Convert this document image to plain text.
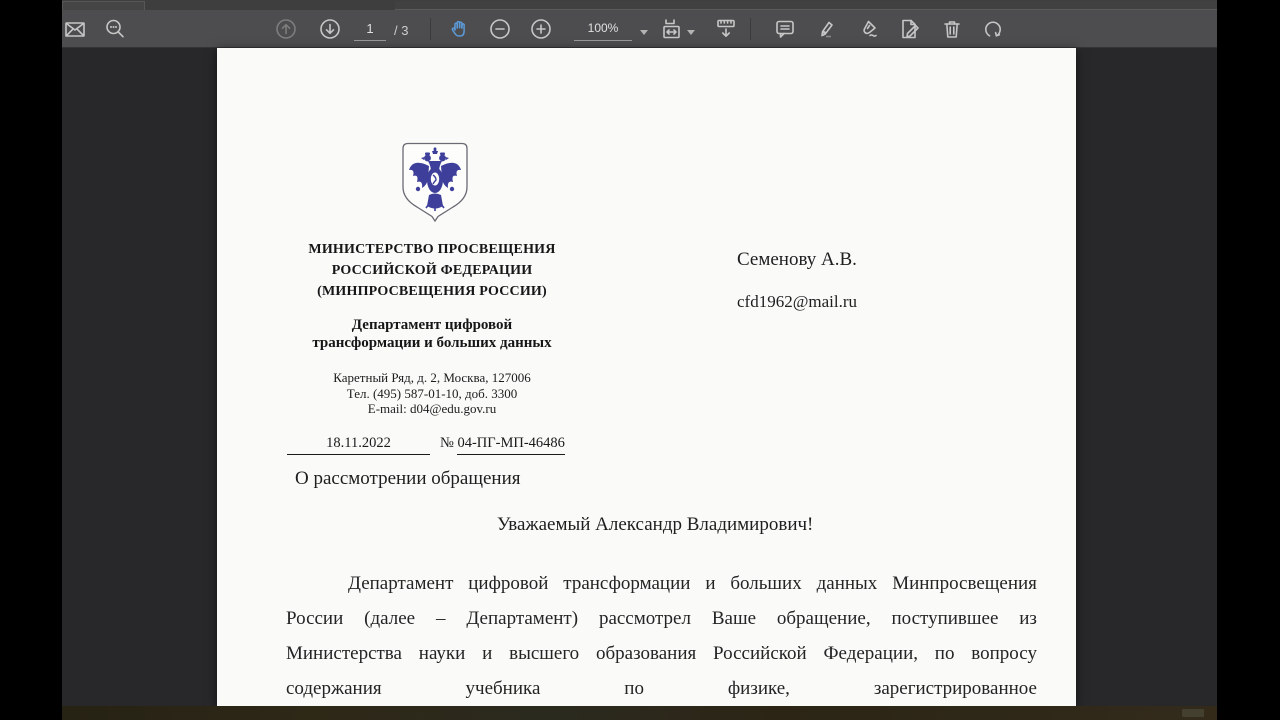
1	/ 3	100%
МИНИСТЕРСТВО ПРОСВЕЩЕНИЯ
РОССИЙСКОЙ ФЕДЕРАЦИИ
(МИНПРОСВЕЩЕНИЯ РОССИИ)
Департамент цифровой
трансформации и больших данных
Каретный Ряд, д. 2, Москва, 127006
Тел. (495) 587-01-10, доб. 3300
E-mail: d04@edu.gov.ru
18.11.2022	№ 04-ПГ-МП-46486
О рассмотрении обращения
Семенову А.В.
cfd1962@mail.ru
Уважаемый Александр Владимирович!
Департамент цифровой трансформации и больших данных Минпросвещения
России (далее – Департамент) рассмотрел Ваше обращение, поступившее из
Министерства науки и высшего образования Российской Федерации, по вопросу
содержания	учебника	по	физике,	зарегистрированное
